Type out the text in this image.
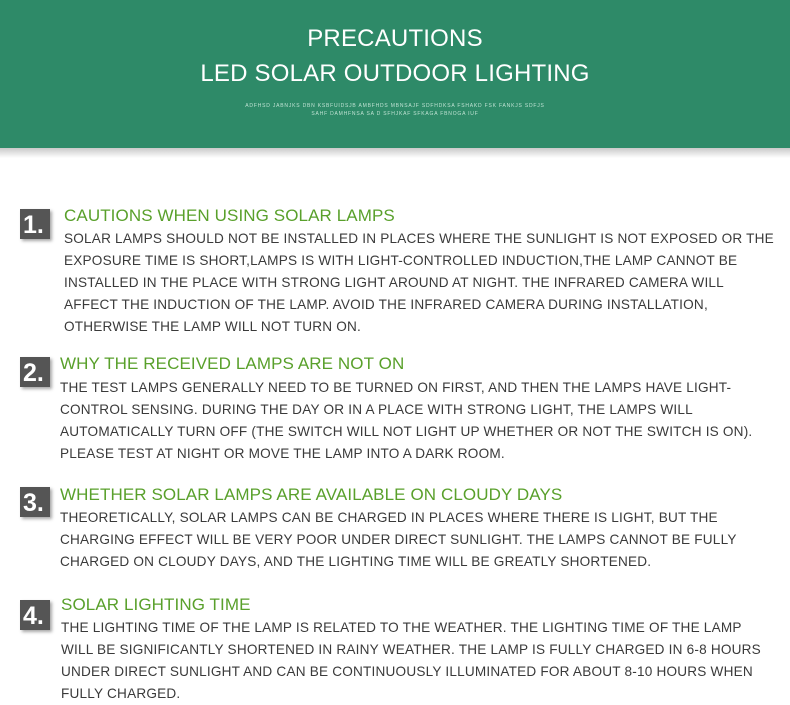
PRECAUTIONS
LED SOLAR OUTDOOR LIGHTING
ADFHSD JABNJKS DBN KSBFUIDSJB AMBFHDS MBNSAJF SDFHDKSA FSHAKD FSK FANKJS SDFJS
SAHF DAMHFNSA SA D SFHJKAF SFKAGA FBNOGA IUF
1.	CAUTIONS WHEN USING SOLAR LAMPS
SOLAR LAMPS SHOULD NOT BE INSTALLED IN PLACES WHERE THE SUNLIGHT IS NOT EXPOSED OR THE EXPOSURE TIME IS SHORT,LAMPS IS WITH LIGHT-CONTROLLED INDUCTION,THE LAMP CANNOT BE INSTALLED IN THE PLACE WITH STRONG LIGHT AROUND AT NIGHT. THE INFRARED CAMERA WILL AFFECT THE INDUCTION OF THE LAMP. AVOID THE INFRARED CAMERA DURING INSTALLATION, OTHERWISE THE LAMP WILL NOT TURN ON.
2. WHY THE RECEIVED LAMPS ARE NOT ON
THE TEST LAMPS GENERALLY NEED TO BE TURNED ON FIRST, AND THEN THE LAMPS HAVE LIGHT-CONTROL SENSING. DURING THE DAY OR IN A PLACE WITH STRONG LIGHT, THE LAMPS WILL AUTOMATICALLY TURN OFF (THE SWITCH WILL NOT LIGHT UP WHETHER OR NOT THE SWITCH IS ON). PLEASE TEST AT NIGHT OR MOVE THE LAMP INTO A DARK ROOM.
3. WHETHER SOLAR LAMPS ARE AVAILABLE ON CLOUDY DAYS
THEORETICALLY, SOLAR LAMPS CAN BE CHARGED IN PLACES WHERE THERE IS LIGHT, BUT THE CHARGING EFFECT WILL BE VERY POOR UNDER DIRECT SUNLIGHT. THE LAMPS CANNOT BE FULLY CHARGED ON CLOUDY DAYS, AND THE LIGHTING TIME WILL BE GREATLY SHORTENED.
4.	SOLAR LIGHTING TIME
THE LIGHTING TIME OF THE LAMP IS RELATED TO THE WEATHER. THE LIGHTING TIME OF THE LAMP WILL BE SIGNIFICANTLY SHORTENED IN RAINY WEATHER. THE LAMP IS FULLY CHARGED IN 6-8 HOURS UNDER DIRECT SUNLIGHT AND CAN BE CONTINUOUSLY ILLUMINATED FOR ABOUT 8-10 HOURS WHEN FULLY CHARGED.
